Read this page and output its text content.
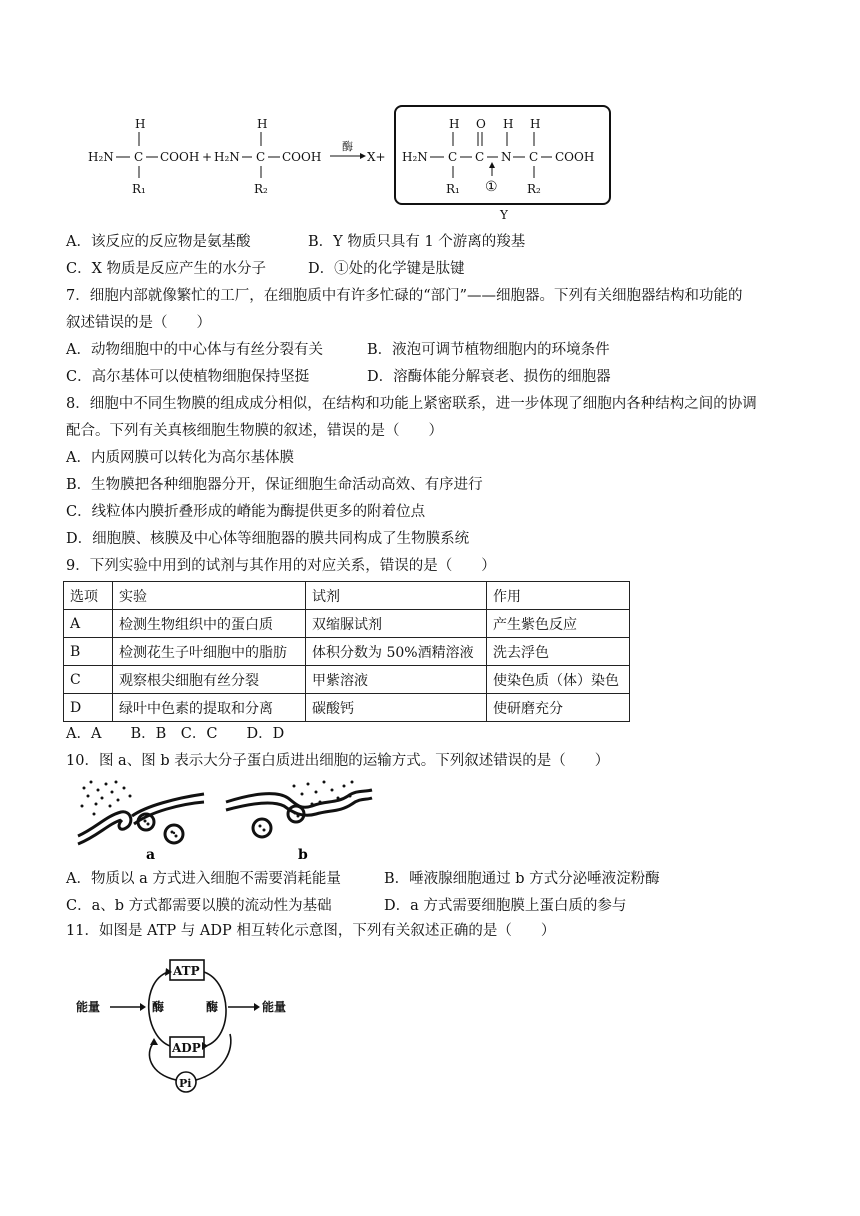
H
H₂N C COOH
R₁
+
H
H₂N C COOH
R₂
酶
X+
H O H H
H₂N C C N C COOH
R₁	R₂
①
Y
A．该反应的反应物是氨基酸	B．Y 物质只具有 1 个游离的羧基
C．X 物质是反应产生的水分子	D．①处的化学键是肽键
7．细胞内部就像繁忙的工厂，在细胞质中有许多忙碌的“部门”——细胞器。下列有关细胞器结构和功能的
叙述错误的是（　　）
A．动物细胞中的中心体与有丝分裂有关	B．液泡可调节植物细胞内的环境条件
C．高尔基体可以使植物细胞保持坚挺	D．溶酶体能分解衰老、损伤的细胞器
8．细胞中不同生物膜的组成成分相似，在结构和功能上紧密联系，进一步体现了细胞内各种结构之间的协调
配合。下列有关真核细胞生物膜的叙述，错误的是（　　）
A．内质网膜可以转化为高尔基体膜
B．生物膜把各种细胞器分开，保证细胞生命活动高效、有序进行
C．线粒体内膜折叠形成的嵴能为酶提供更多的附着位点
D．细胞膜、核膜及中心体等细胞器的膜共同构成了生物膜系统
9．下列实验中用到的试剂与其作用的对应关系，错误的是（　　）
选项	实验	试剂	作用
A	检测生物组织中的蛋白质	双缩脲试剂	产生紫色反应
B	检测花生子叶细胞中的脂肪	体积分数为 50%酒精溶液	洗去浮色
C	观察根尖细胞有丝分裂	甲紫溶液	使染色质（体）染色
D	绿叶中色素的提取和分离	碳酸钙	使研磨充分
A．A　　B．B　C．C　　D．D
10．图 a、图 b 表示大分子蛋白质进出细胞的运输方式。下列叙述错误的是（　　）
a	b
A．物质以 a 方式进入细胞不需要消耗能量	B．唾液腺细胞通过 b 方式分泌唾液淀粉酶
C．a、b 方式都需要以膜的流动性为基础	D．a 方式需要细胞膜上蛋白质的参与
11．如图是 ATP 与 ADP 相互转化示意图，下列有关叙述正确的是（　　）
ATP
ADP
Pi
能量	能量
酶	酶
